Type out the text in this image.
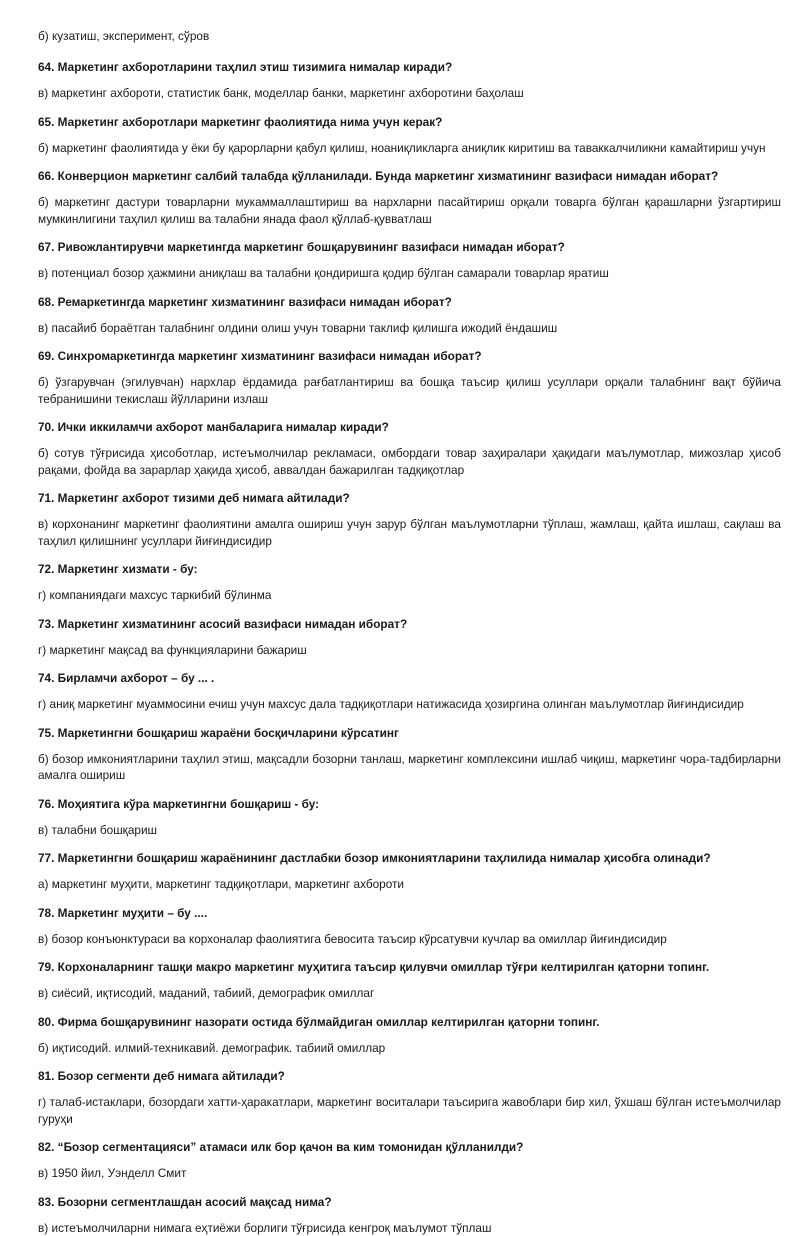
б) кузатиш, эксперимент, сўров
64. Маркетинг ахборотларини таҳлил этиш тизимига нималар киради?
в) маркетинг ахбороти, статистик банк, моделлар банки, маркетинг ахборотини баҳолаш
65. Маркетинг ахборотлари маркетинг фаолиятида нима учун керак?
б) маркетинг фаолиятида у ёки бу қарорларни қабул қилиш, ноаниқликларга аниқлик киритиш ва таваккалчиликни камайтириш учун
66. Конверцион маркетинг салбий талабда қўлланилади. Бунда маркетинг хизматининг вазифаси нимадан иборат?
б) маркетинг дастури товарларни мукаммаллаштириш ва нархларни пасайтириш орқали товарга бўлган қарашларни ўзгартириш мумкинлигини таҳлил қилиш ва талабни янада фаол қўллаб-қувватлаш
67. Ривожлантирувчи маркетингда маркетинг бошқарувининг вазифаси нимадан иборат?
в) потенциал бозор ҳажмини аниқлаш ва талабни қондиришга қодир бўлган самарали товарлар яратиш
68. Ремаркетингда маркетинг хизматининг вазифаси нимадан иборат?
в) пасайиб бораётган талабнинг олдини олиш учун товарни таклиф қилишга ижодий ёндашиш
69. Синхромаркетингда маркетинг хизматининг вазифаси нимадан иборат?
б) ўзгарувчан (эгилувчан) нархлар ёрдамида рағбатлантириш ва бошқа таъсир қилиш усуллари орқали талабнинг вақт бўйича тебранишини текислаш йўлларини излаш
70. Ички иккиламчи ахборот манбаларига нималар киради?
б) сотув тўғрисида ҳисоботлар, истеъмолчилар рекламаси, омбордаги товар заҳиралари ҳақидаги маълумотлар, мижозлар ҳисоб рақами, фойда ва зарарлар ҳақида ҳисоб, аввалдан бажарилган тадқиқотлар
71. Маркетинг ахборот тизими деб нимага айтилади?
в) корхонанинг маркетинг фаолиятини амалга ошириш учун зарур бўлган маълумотларни тўплаш, жамлаш, қайта ишлаш, сақлаш ва таҳлил қилишнинг усуллари йиғиндисидир
72. Маркетинг хизмати - бу:
г) компаниядаги махсус таркибий бўлинма
73. Маркетинг хизматининг асосий вазифаси нимадан иборат?
г) маркетинг мақсад ва функцияларини бажариш
74. Бирламчи ахборот – бу ... .
г) аниқ маркетинг муаммосини ечиш учун махсус дала тадқиқотлари натижасида ҳозиргина олинган маълумотлар йиғиндисидир
75. Маркетингни бошқариш жараёни босқичларини кўрсатинг
б) бозор имкониятларини таҳлил этиш, мақсадли бозорни танлаш, маркетинг комплексини ишлаб чиқиш, маркетинг чора-тадбирларни амалга ошириш
76. Моҳиятига кўра маркетингни бошқариш - бу:
в) талабни бошқариш
77. Маркетингни бошқариш жараёнининг дастлабки бозор имкониятларини таҳлилида нималар ҳисобга олинади?
а) маркетинг муҳити, маркетинг тадқиқотлари, маркетинг ахбороти
78. Маркетинг муҳити – бу ....
в) бозор конъюнктураси ва корхоналар фаолиятига бевосита таъсир кўрсатувчи кучлар ва омиллар йиғиндисидир
79. Корхоналарнинг ташқи макро маркетинг муҳитига таъсир қилувчи омиллар тўғри келтирилган қаторни топинг.
в) сиёсий, иқтисодий, маданий, табиий, демографик омиллаг
80. Фирма бошқарувининг назорати остида бўлмайдиган омиллар келтирилган қаторни топинг.
б) иқтисодий. илмий-техникавий. демографик. табиий омиллар
81. Бозор сегменти деб нимага айтилади?
г) талаб-истаклари, бозордаги хатти-ҳаракатлари, маркетинг воситалари таъсирига жавоблари бир хил, ўхшаш бўлган истеъмолчилар гуруҳи
82. “Бозор сегментацияси” атамаси илк бор қачон ва ким томонидан қўлланилди?
в) 1950 йил, Уэнделл Смит
83. Бозорни сегментлашдан асосий мақсад нима?
в) истеъмолчиларни нимага еҳтиёжи борлиги тўғрисида кенгроқ маълумот тўплаш
